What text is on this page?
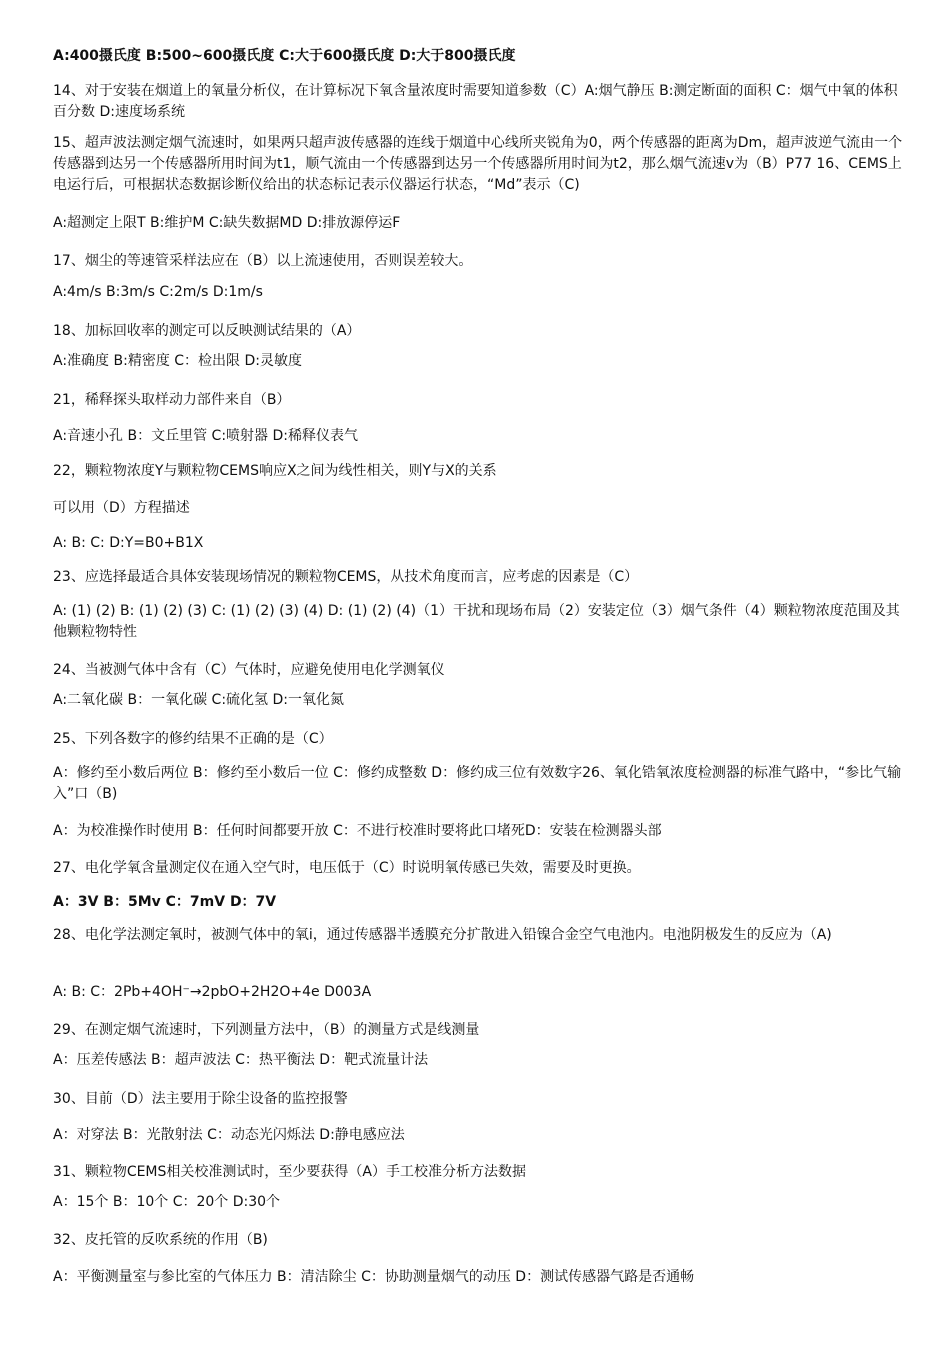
A:400摄氏度 B:500~600摄氏度 C:大于600摄氏度 D:大于800摄氏度

14、对于安装在烟道上的氧量分析仪，在计算标况下氧含量浓度时需要知道参数（C）A:烟气静压 B:测定断面的面积 C：烟气中氧的体积百分数 D:速度场系统

15、超声波法测定烟气流速时，如果两只超声波传感器的连线于烟道中心线所夹锐角为0，两个传感器的距离为Dm，超声波逆气流由一个传感器到达另一个传感器所用时间为t1，顺气流由一个传感器到达另一个传感器所用时间为t2，那么烟气流速v为（B）P77 16、CEMS上电运行后，可根据状态数据诊断仪给出的状态标记表示仪器运行状态，“Md”表示（C)

A:超测定上限T B:维护M C:缺失数据MD D:排放源停运F

17、烟尘的等速管采样法应在（B）以上流速使用，否则误差较大。

A:4m/s B:3m/s C:2m/s D:1m/s

18、加标回收率的测定可以反映测试结果的（A）

A:准确度 B:精密度 C：检出限 D:灵敏度

21，稀释探头取样动力部件来自（B）

A:音速小孔 B：文丘里管 C:喷射器 D:稀释仪表气

22，颗粒物浓度Y与颗粒物CEMS响应X之间为线性相关，则Y与X的关系

可以用（D）方程描述

A: B: C: D:Y=B0+B1X

23、应选择最适合具体安装现场情况的颗粒物CEMS，从技术角度而言，应考虑的因素是（C）

A: (1) (2) B: (1) (2) (3) C: (1) (2) (3) (4) D: (1) (2) (4)（1）干扰和现场布局（2）安装定位（3）烟气条件（4）颗粒物浓度范围及其他颗粒物特性

24、当被测气体中含有（C）气体时，应避免使用电化学测氧仪

A:二氧化碳 B：一氧化碳 C:硫化氢 D:一氧化氮

25、下列各数字的修约结果不正确的是（C）

A：修约至小数后两位 B：修约至小数后一位 C：修约成整数 D：修约成三位有效数字26、氧化锆氧浓度检测器的标准气路中，“参比气输入”口（B)

A：为校准操作时使用 B：任何时间都要开放 C：不进行校准时要将此口堵死D：安装在检测器头部

27、电化学氧含量测定仪在通入空气时，电压低于（C）时说明氧传感已失效，需要及时更换。

A：3V B：5Mv C：7mV D：7V

28、电化学法测定氧时，被测气体中的氧i，通过传感器半透膜充分扩散进入铅镍合金空气电池内。电池阴极发生的反应为（A)

A: B: C：2Pb+4OH⁻→2pbO+2H2O+4e D003A

29、在测定烟气流速时，下列测量方法中，（B）的测量方式是线测量

A：压差传感法 B：超声波法 C：热平衡法 D：靶式流量计法

30、目前（D）法主要用于除尘设备的监控报警

A：对穿法 B：光散射法 C：动态光闪烁法 D:静电感应法

31、颗粒物CEMS相关校准测试时，至少要获得（A）手工校准分析方法数据

A：15个 B：10个 C：20个 D:30个

32、皮托管的反吹系统的作用（B)

A：平衡测量室与参比室的气体压力 B：清洁除尘 C：协助测量烟气的动压 D：测试传感器气路是否通畅
